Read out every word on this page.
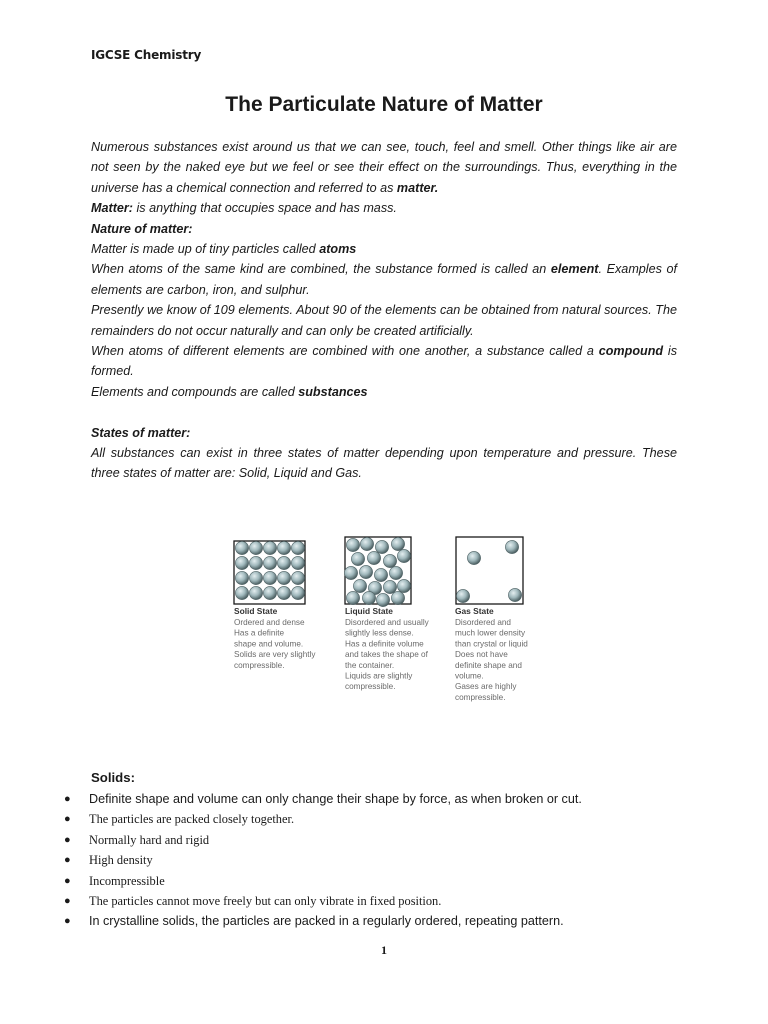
IGCSE Chemistry
The Particulate Nature of Matter

Numerous substances exist around us that we can see, touch, feel and smell. Other things like air are not seen by the naked eye but we feel or see their effect on the surroundings. Thus, everything in the universe has a chemical connection and referred to as matter.

Matter: is anything that occupies space and has mass.

Nature of matter:

Matter is made up of tiny particles called atoms

When atoms of the same kind are combined, the substance formed is called an element. Examples of elements are carbon, iron, and sulphur.

Presently we know of 109 elements. About 90 of the elements can be obtained from natural sources. The remainders do not occur naturally and can only be created artificially.

When atoms of different elements are combined with one another, a substance called a compound is formed.

Elements and compounds are called substances

States of matter:

All substances can exist in three states of matter depending upon temperature and pressure. These three states of matter are: Solid, Liquid and Gas.

Solid State
Ordered and dense
Has a definite
shape and volume.
Solids are very slightly
compressible.
Liquid State
Disordered and usually
slightly less dense.
Has a definite volume
and takes the shape of
the container.
Liquids are slightly
compressible.
Gas State
Disordered and
much lower density
than crystal or liquid
Does not have
definite shape and
volume.
Gases are highly
compressible.
Solids:
● Definite shape and volume can only change their shape by force, as when broken or cut.
● The particles are packed closely together.
● Normally hard and rigid
● High density
● Incompressible
● The particles cannot move freely but can only vibrate in fixed position.
● In crystalline solids, the particles are packed in a regularly ordered, repeating pattern.
1
